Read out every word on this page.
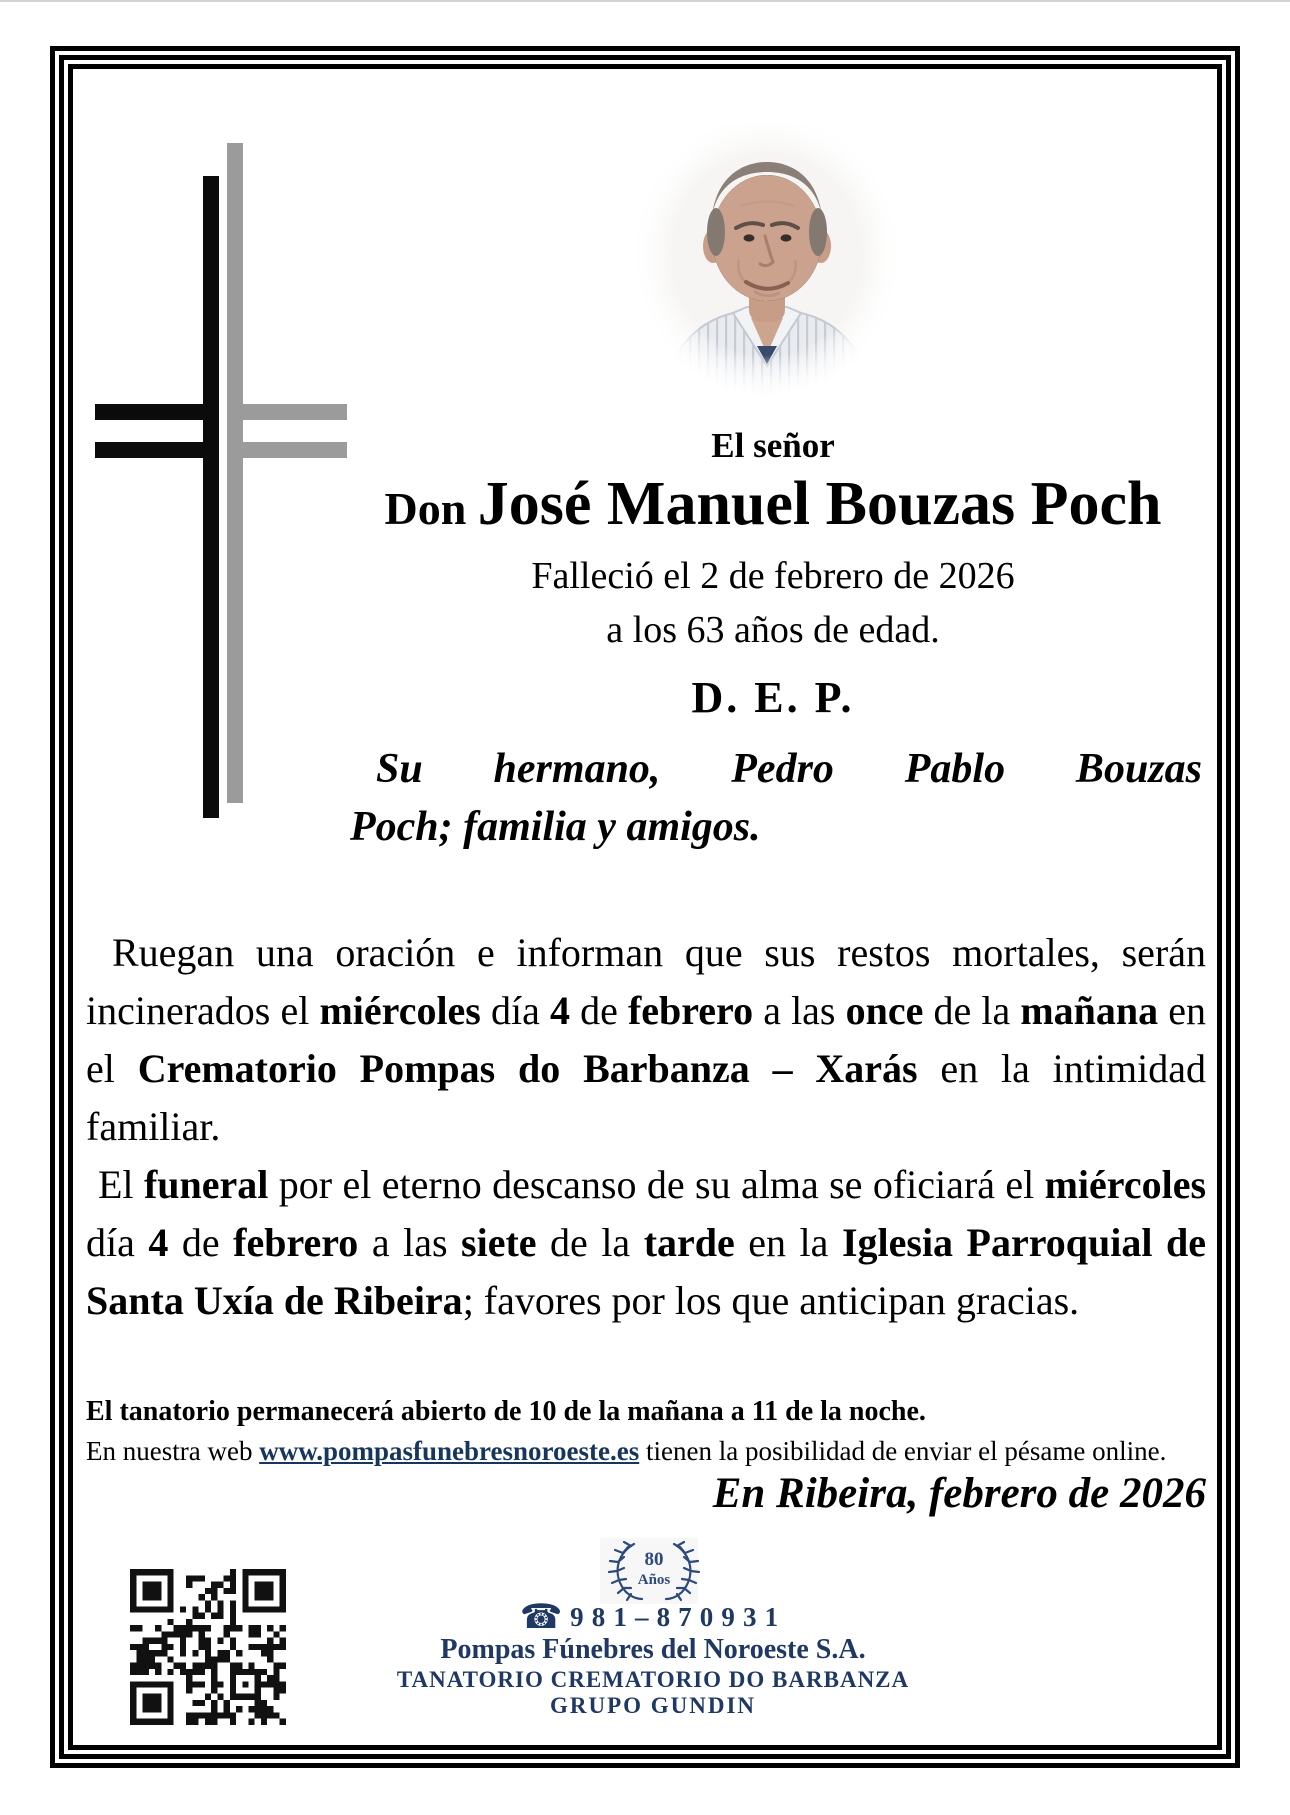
El señor
Don José Manuel Bouzas Poch
Falleció el 2 de febrero de 2026
a los 63 años de edad.
D. E. P.
Su hermano, Pedro Pablo Bouzas
Poch; familia y amigos.
Ruegan una oración e informan que sus restos mortales, serán incinerados el miércoles día 4 de febrero a las once de la mañana en el Crematorio Pompas do Barbanza – Xarás en la intimidad familiar.
El funeral por el eterno descanso de su alma se oficiará el miércoles día 4 de febrero a las siete de la tarde en la Iglesia Parroquial de Santa Uxía de Ribeira; favores por los que anticipan gracias.
El tanatorio permanecerá abierto de 10 de la mañana a 11 de la noche.
En nuestra web www.pompasfunebresnoroeste.es tienen la posibilidad de enviar el pésame online.
En Ribeira, febrero de 2026
80
Años
☎ 981–870931
Pompas Fúnebres del Noroeste S.A.
TANATORIO CREMATORIO DO BARBANZA
GRUPO GUNDIN
